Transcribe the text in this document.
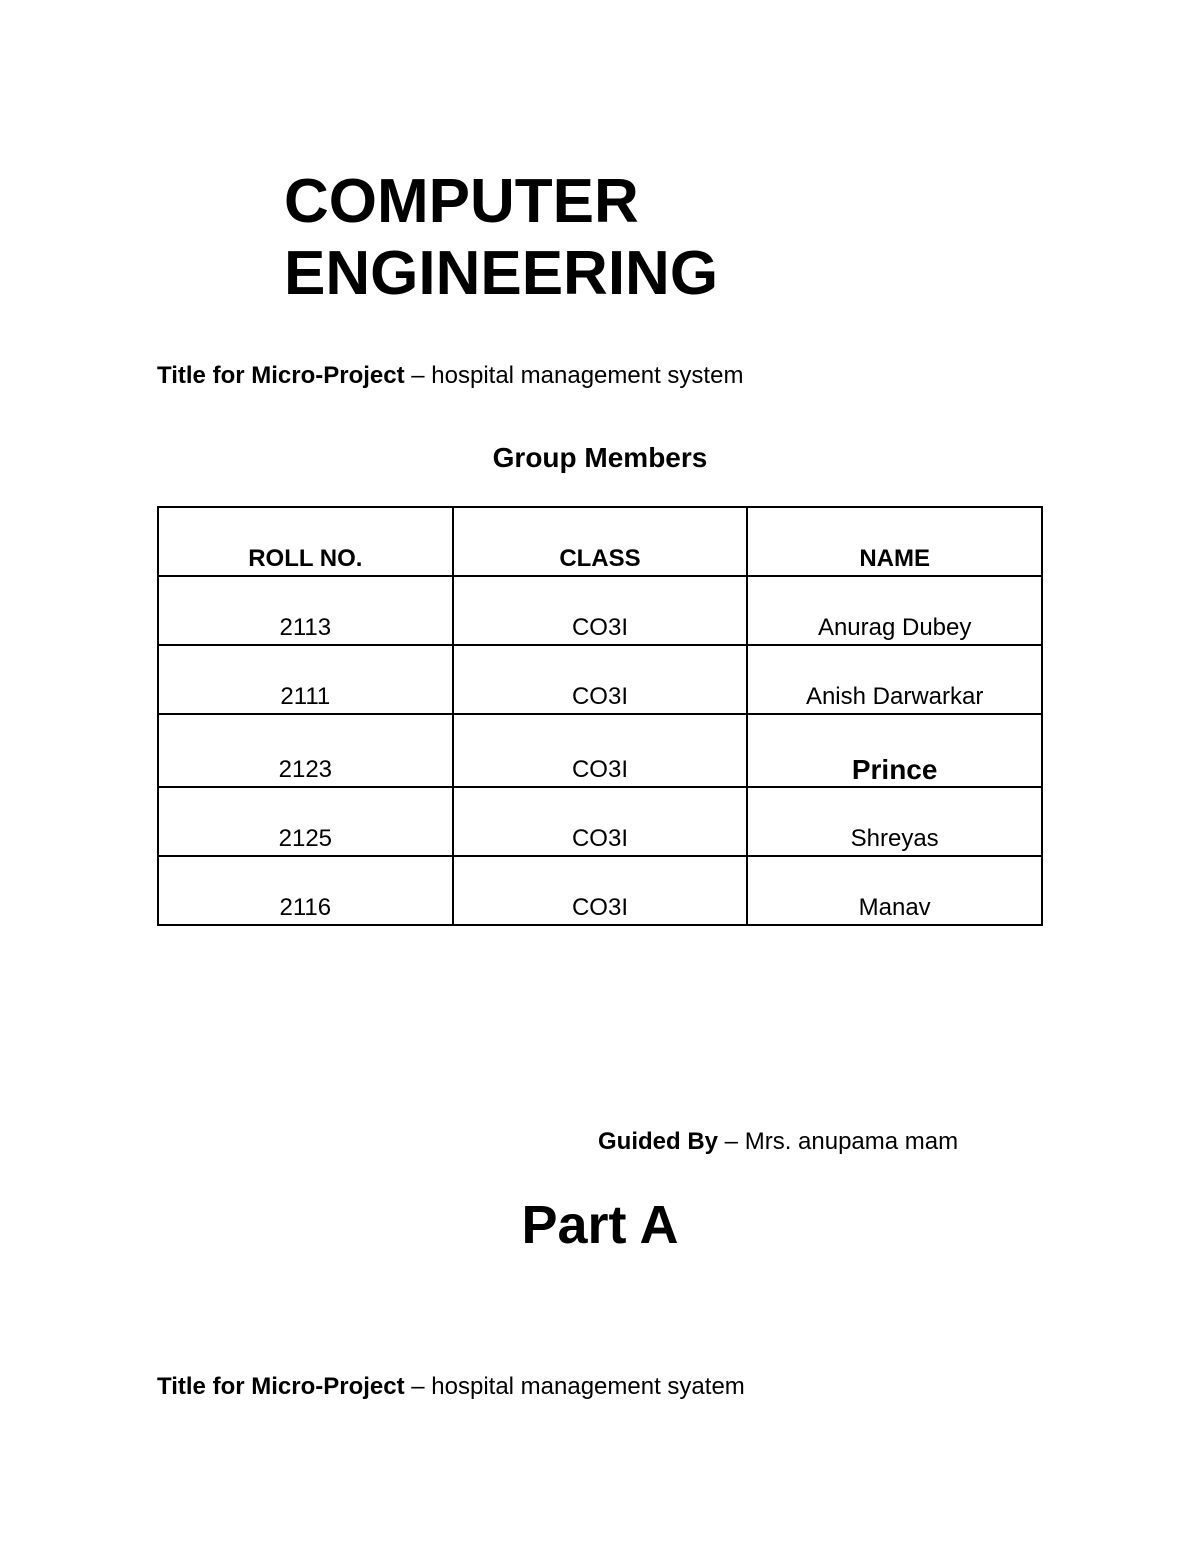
COMPUTER
ENGINEERING
Title for Micro-Project – hospital management system
Group Members
ROLL NO.	CLASS	NAME
2113	CO3I	Anurag Dubey
2111	CO3I	Anish Darwarkar
2123	CO3I	Prince
2125	CO3I	Shreyas
2116	CO3I	Manav
Guided By – Mrs. anupama mam
Part A
Title for Micro-Project – hospital management syatem
